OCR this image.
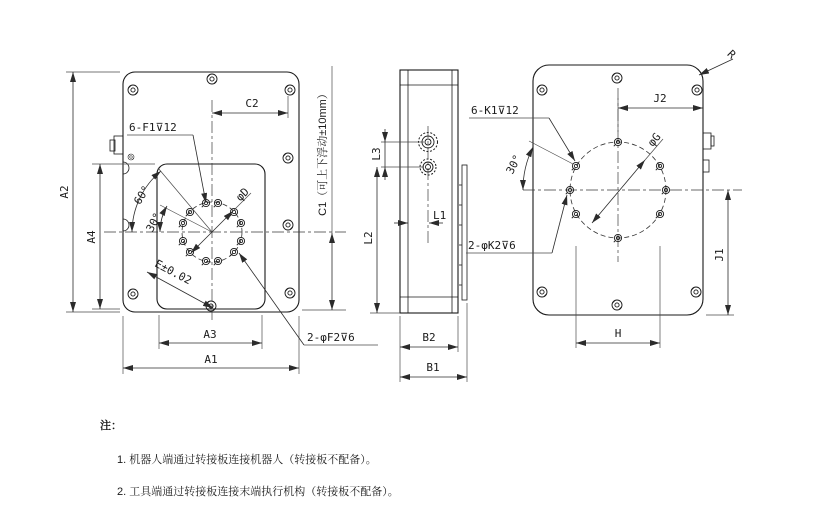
A2
A4
A3
A1
C2	C1（可上下浮动±10mm）
6-F1⊽12
60°
30°
φD
E±0.02
2-φF2⊽6
L3
L2
L1
B2
B1
J2
J1
H
R
6-K1⊽12
30°
φG
2-φK2⊽6
注：
1. 机器人端通过转接板连接机器人（转接板不配备）。
2. 工具端通过转接板连接末端执行机构（转接板不配备）。
